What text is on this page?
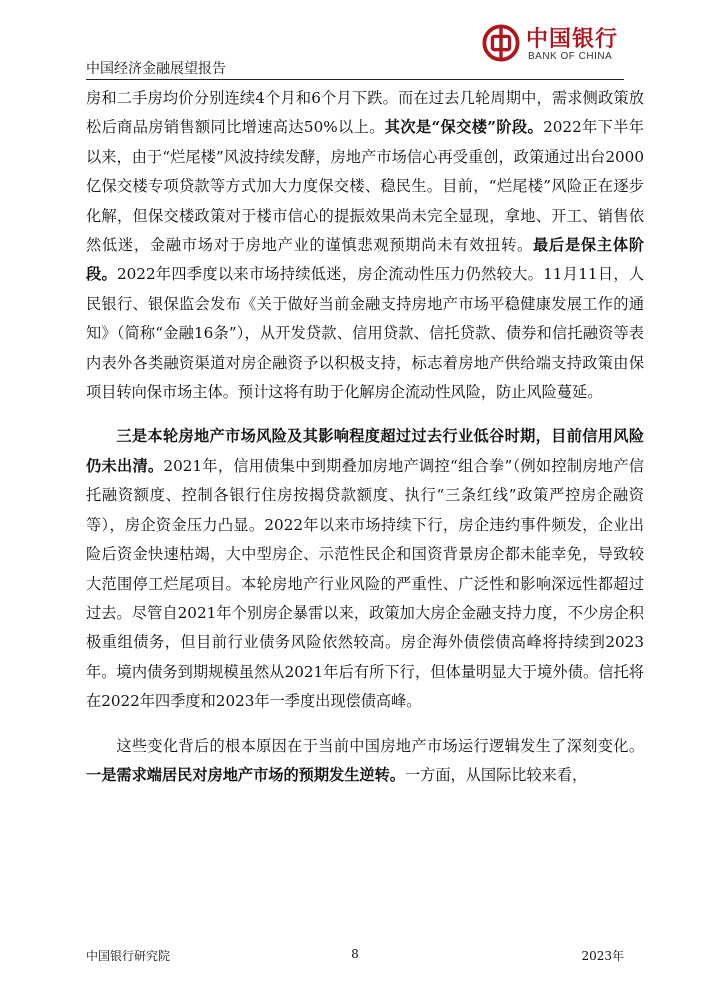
中国经济金融展望报告
中国银行
BANK OF CHINA

房和二手房均价分别连续4个月和6个月下跌。而在过去几轮周期中，需求侧政策放松后商品房销售额同比增速高达50%以上。其次是“保交楼”阶段。2022年下半年以来，由于“烂尾楼”风波持续发酵，房地产市场信心再受重创，政策通过出台2000亿保交楼专项贷款等方式加大力度保交楼、稳民生。目前，“烂尾楼”风险正在逐步化解，但保交楼政策对于楼市信心的提振效果尚未完全显现，拿地、开工、销售依然低迷，金融市场对于房地产业的谨慎悲观预期尚未有效扭转。最后是保主体阶段。2022年四季度以来市场持续低迷，房企流动性压力仍然较大。11月11日，人民银行、银保监会发布《关于做好当前金融支持房地产市场平稳健康发展工作的通知》（简称“金融16条”），从开发贷款、信用贷款、信托贷款、债券和信托融资等表内表外各类融资渠道对房企融资予以积极支持，标志着房地产供给端支持政策由保项目转向保市场主体。预计这将有助于化解房企流动性风险，防止风险蔓延。

三是本轮房地产市场风险及其影响程度超过过去行业低谷时期，目前信用风险仍未出清。2021年，信用债集中到期叠加房地产调控“组合拳”（例如控制房地产信托融资额度、控制各银行住房按揭贷款额度、执行“三条红线”政策严控房企融资等），房企资金压力凸显。2022年以来市场持续下行，房企违约事件频发，企业出险后资金快速枯竭，大中型房企、示范性民企和国资背景房企都未能幸免，导致较大范围停工烂尾项目。本轮房地产行业风险的严重性、广泛性和影响深远性都超过过去。尽管自2021年个别房企暴雷以来，政策加大房企金融支持力度，不少房企积极重组债务，但目前行业债务风险依然较高。房企海外债偿债高峰将持续到2023年。境内债务到期规模虽然从2021年后有所下行，但体量明显大于境外债。信托将在2022年四季度和2023年一季度出现偿债高峰。

这些变化背后的根本原因在于当前中国房地产市场运行逻辑发生了深刻变化。一是需求端居民对房地产市场的预期发生逆转。一方面，从国际比较来看，

中国银行研究院	8	2023年
